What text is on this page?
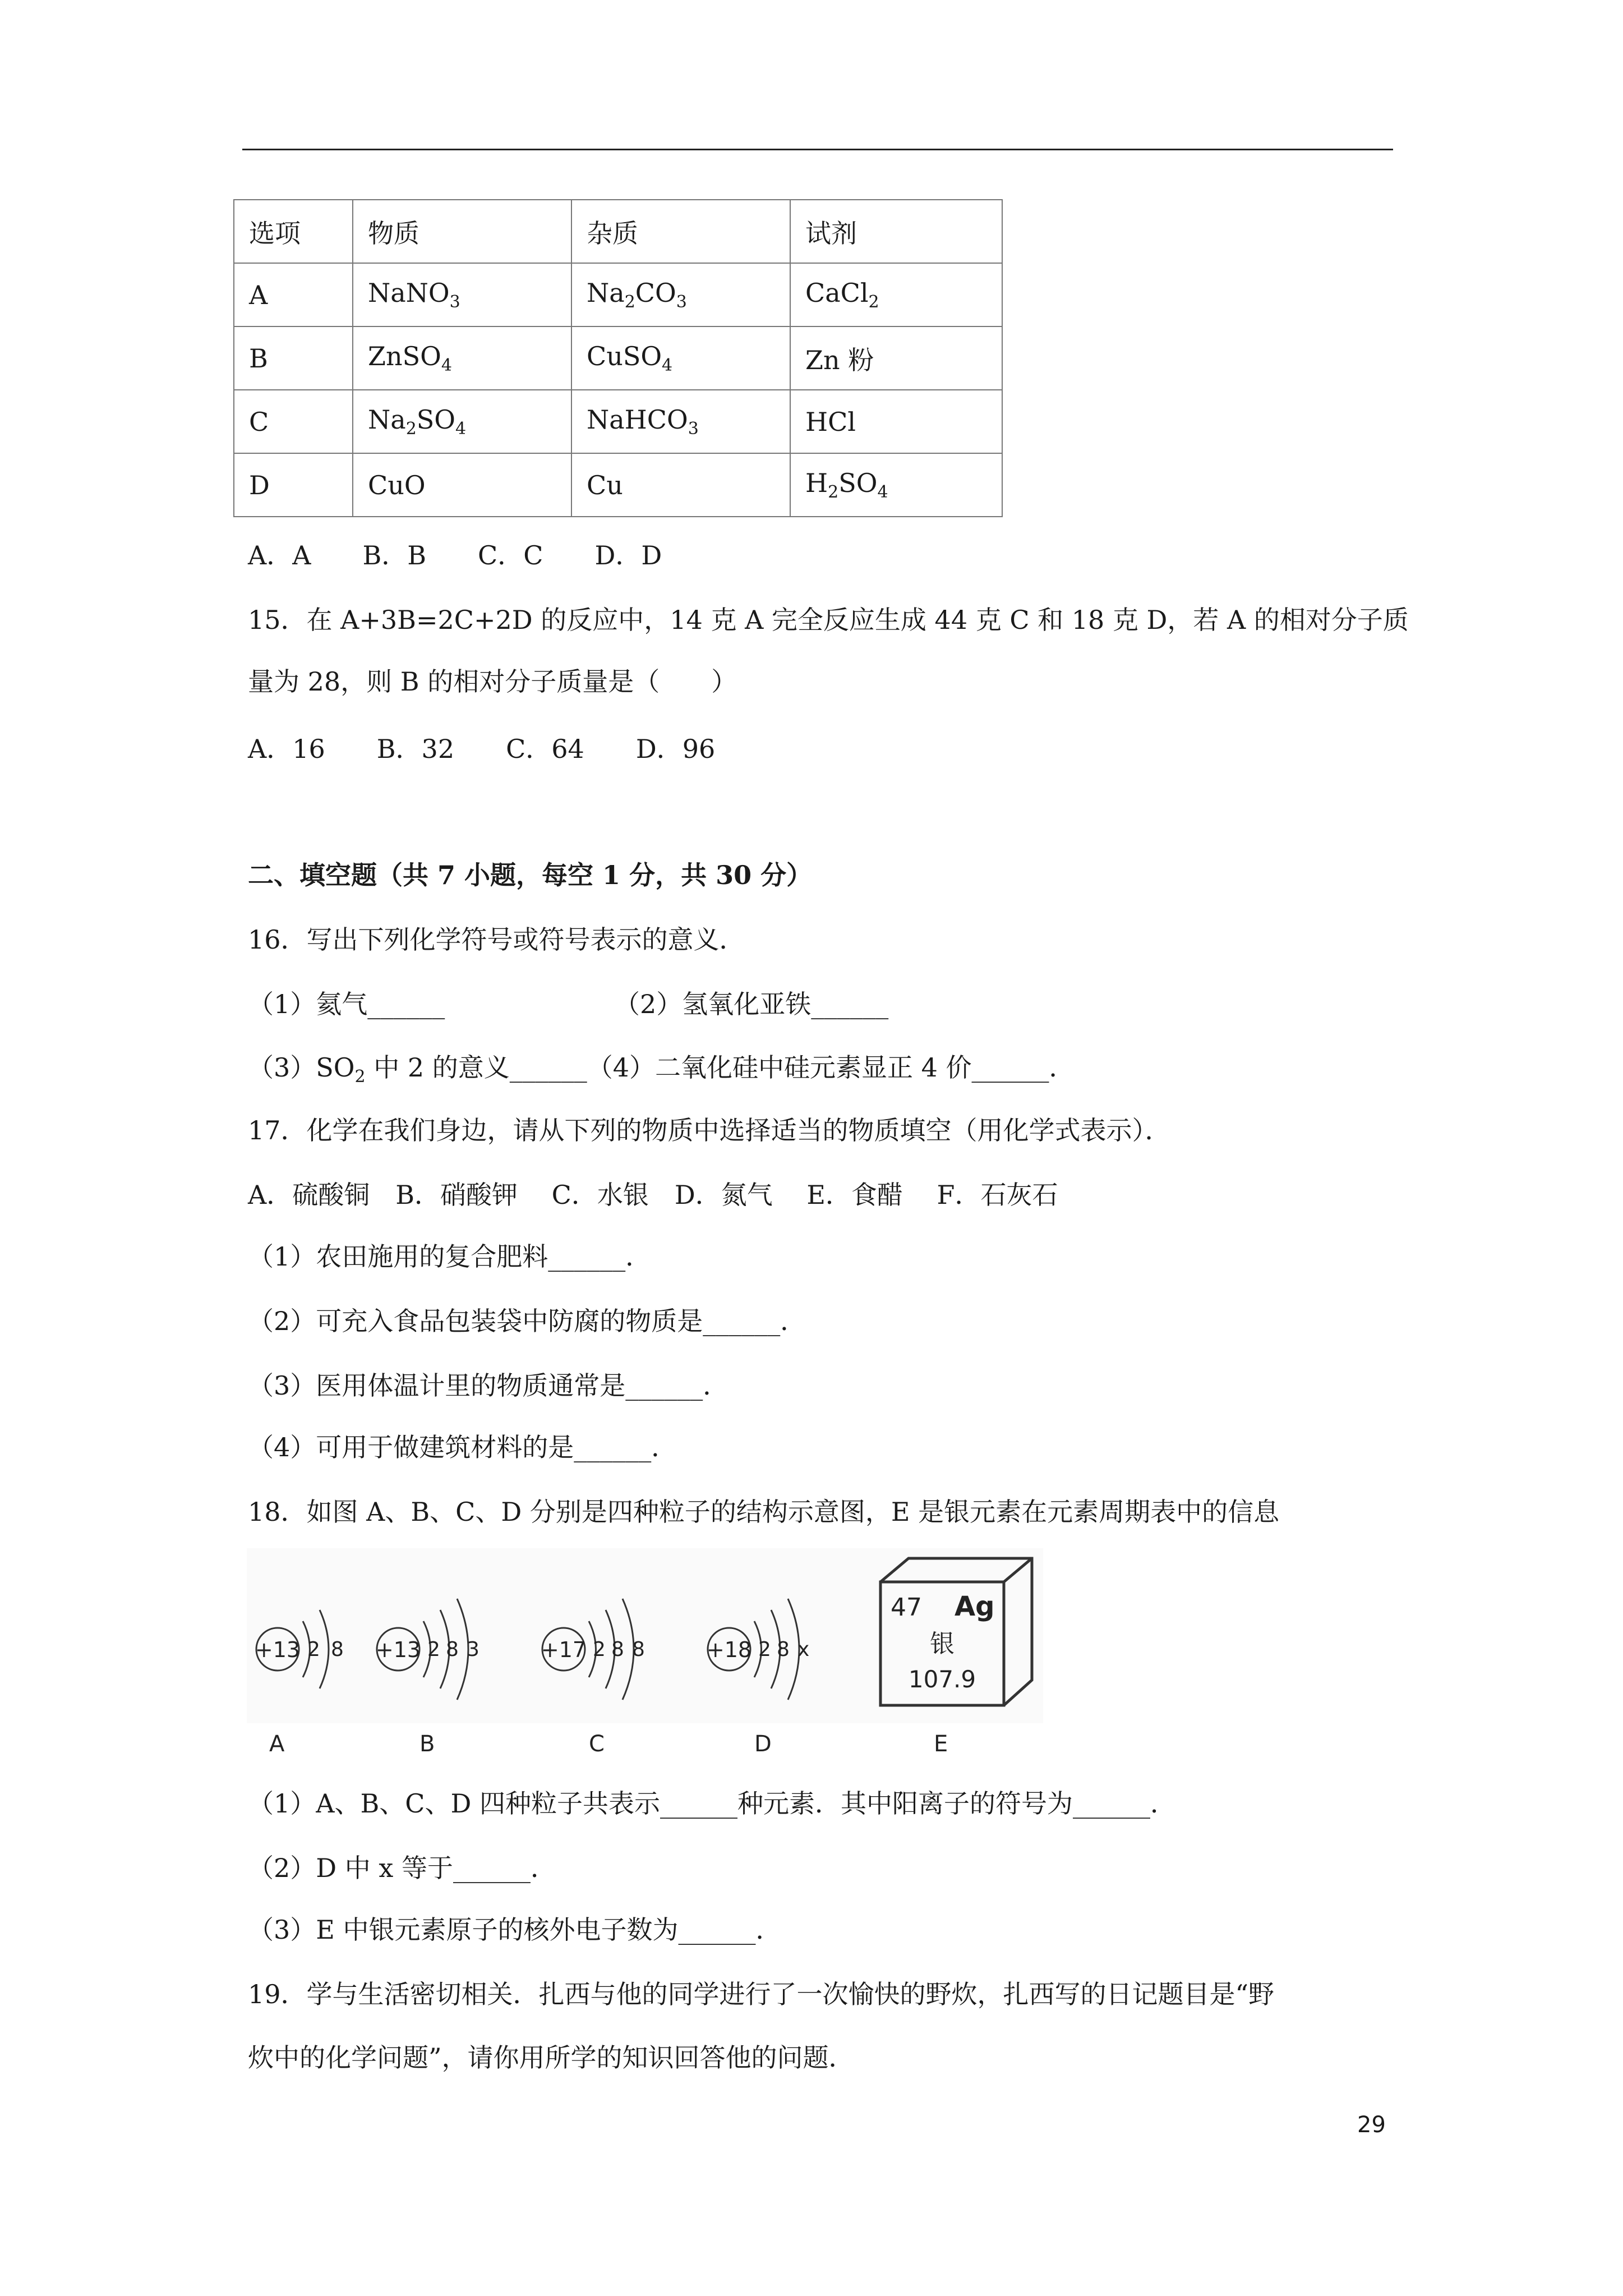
选项	物质	杂质	试剂
A	NaNO$_3$	$Na_2CO_3$	CaCl$_2$
B	ZnSO$_4$	CuSO$_4$	Zn 粉
C	$Na_2SO_4$	NaHCO$_3$	HCl
D	CuO	Cu	$H_2SO_4$
A．A　　B．B　　C．C　　D．D
15．在 A+3B=2C+2D 的反应中，14 克 A 完全反应生成 44 克 C 和 18 克 D，若 A 的相对分子质
量为 28，则 B 的相对分子质量是（　　）
A．16　　B．32　　C．64　　D．96
二、填空题（共 7 小题，每空 1 分，共 30 分）
16．写出下列化学符号或符号表示的意义．
（1）氦气______	（2）氢氧化亚铁______
$(3)SO_2$ 中 2 的意义______（4）二氧化硅中硅元素显正 4 价______．
17．化学在我们身边，请从下列的物质中选择适当的物质填空（用化学式表示）．
A．硫酸铜　B．硝酸钾　 C．水银　D．氮气　 E．食醋　 F．石灰石
（1）农田施用的复合肥料______．
（2）可充入食品包装袋中防腐的物质是______．
（3）医用体温计里的物质通常是______．
（4）可用于做建筑材料的是______．
18．如图 A、B、C、D 分别是四种粒子的结构示意图，E 是银元素在元素周期表中的信息
+13 2 8
A
+13 2 8 3
B
+17 2 8 8
C
+18 2 8 x
D
47 Ag
银
107.9
E
（1）A、B、C、D 四种粒子共表示______种元素．其中阳离子的符号为______．
（2）D 中 x 等于______．
（3）E 中银元素原子的核外电子数为______．
19．学与生活密切相关．扎西与他的同学进行了一次愉快的野炊，扎西写的日记题目是“野
炊中的化学问题”，请你用所学的知识回答他的问题．
29
